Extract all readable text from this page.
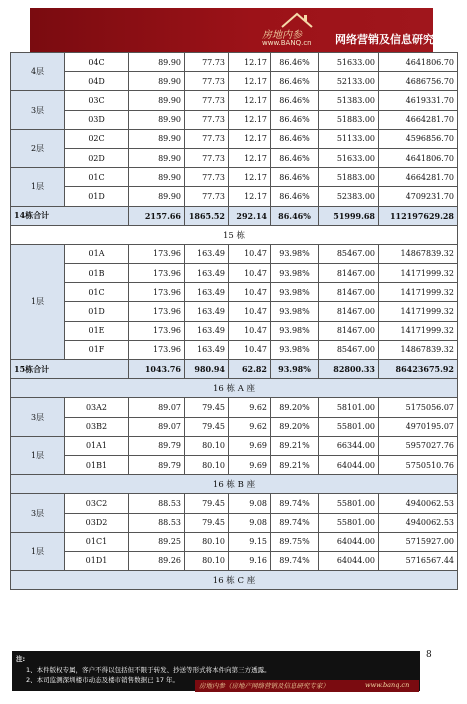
房地内参
www.BANQ.cn 网络营销及信息研究专家
4层	04C	89.90	77.73	12.17	86.46%	51633.00	4641806.70
	04D	89.90	77.73	12.17	86.46%	52133.00	4686756.70
3层	03C	89.90	77.73	12.17	86.46%	51383.00	4619331.70
	03D	89.90	77.73	12.17	86.46%	51883.00	4664281.70
2层	02C	89.90	77.73	12.17	86.46%	51133.00	4596856.70
	02D	89.90	77.73	12.17	86.46%	51633.00	4641806.70
1层	01C	89.90	77.73	12.17	86.46%	51883.00	4664281.70
	01D	89.90	77.73	12.17	86.46%	52383.00	4709231.70
14栋合计		2157.66	1865.52	292.14	86.46%	51999.68	112197629.28
15 栋							
1层	01A	173.96	163.49	10.47	93.98%	85467.00	14867839.32
	01B	173.96	163.49	10.47	93.98%	81467.00	14171999.32
	01C	173.96	163.49	10.47	93.98%	81467.00	14171999.32
	01D	173.96	163.49	10.47	93.98%	81467.00	14171999.32
	01E	173.96	163.49	10.47	93.98%	81467.00	14171999.32
	01F	173.96	163.49	10.47	93.98%	85467.00	14867839.32
15栋合计		1043.76	980.94	62.82	93.98%	82800.33	86423675.92
16 栋 A 座							
3层	03A2	89.07	79.45	9.62	89.20%	58101.00	5175056.07
	03B2	89.07	79.45	9.62	89.20%	55801.00	4970195.07
1层	01A1	89.79	80.10	9.69	89.21%	66344.00	5957027.76
	01B1	89.79	80.10	9.69	89.21%	64044.00	5750510.76
16 栋 B 座							
3层	03C2	88.53	79.45	9.08	89.74%	55801.00	4940062.53
	03D2	88.53	79.45	9.08	89.74%	55801.00	4940062.53
1层	01C1	89.25	80.10	9.15	89.75%	64044.00	5715927.00
	01D1	89.26	80.10	9.16	89.74%	64044.00	5716567.44
16 栋 C 座							
注:
1、本件版权专属，客户不得以包括但不限于转发、抄送等形式将本件向第三方透露。
2、本司监测深圳楼市动态及楼市销售数据已 17 年。
8
房地内参（房地产网络营销及信息研究专家）	www.banq.cn
